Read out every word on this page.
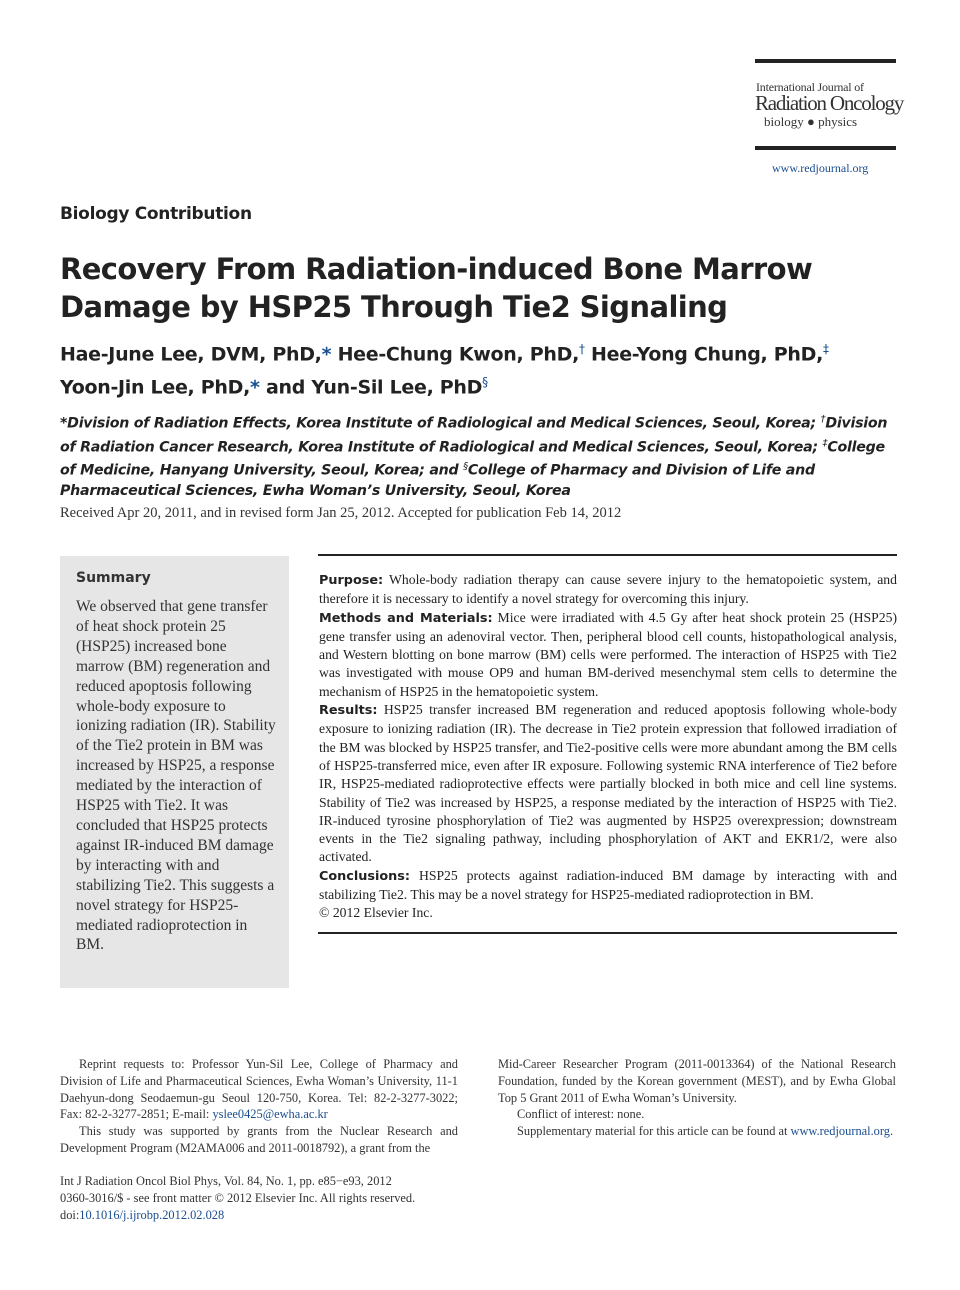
International Journal of
Radiation Oncology
biology ● physics
www.redjournal.org
Biology Contribution
Recovery From Radiation-induced Bone Marrow Damage by HSP25 Through Tie2 Signaling
Hae-June Lee, DVM, PhD,* Hee-Chung Kwon, PhD,† Hee-Yong Chung, PhD,‡
Yoon-Jin Lee, PhD,* and Yun-Sil Lee, PhD§
*Division of Radiation Effects, Korea Institute of Radiological and Medical Sciences, Seoul, Korea; †Division of Radiation Cancer Research, Korea Institute of Radiological and Medical Sciences, Seoul, Korea; ‡College of Medicine, Hanyang University, Seoul, Korea; and §College of Pharmacy and Division of Life and Pharmaceutical Sciences, Ewha Woman’s University, Seoul, Korea
Received Apr 20, 2011, and in revised form Jan 25, 2012. Accepted for publication Feb 14, 2012
Summary
We observed that gene transfer of heat shock protein 25 (HSP25) increased bone marrow (BM) regeneration and reduced apoptosis following whole-body exposure to ionizing radiation (IR). Stability of the Tie2 protein in BM was increased by HSP25, a response mediated by the interaction of HSP25 with Tie2. It was concluded that HSP25 protects against IR-induced BM damage by interacting with and stabilizing Tie2. This suggests a novel strategy for HSP25-mediated radioprotection in BM.

Purpose: Whole-body radiation therapy can cause severe injury to the hematopoietic system, and therefore it is necessary to identify a novel strategy for overcoming this injury.

Methods and Materials: Mice were irradiated with 4.5 Gy after heat shock protein 25 (HSP25) gene transfer using an adenoviral vector. Then, peripheral blood cell counts, histopathological analysis, and Western blotting on bone marrow (BM) cells were performed. The interaction of HSP25 with Tie2 was investigated with mouse OP9 and human BM-derived mesenchymal stem cells to determine the mechanism of HSP25 in the hematopoietic system.

Results: HSP25 transfer increased BM regeneration and reduced apoptosis following whole-body exposure to ionizing radiation (IR). The decrease in Tie2 protein expression that followed irradiation of the BM was blocked by HSP25 transfer, and Tie2-positive cells were more abundant among the BM cells of HSP25-transferred mice, even after IR exposure. Following systemic RNA interference of Tie2 before IR, HSP25-mediated radioprotective effects were partially blocked in both mice and cell line systems. Stability of Tie2 was increased by HSP25, a response mediated by the interaction of HSP25 with Tie2. IR-induced tyrosine phosphorylation of Tie2 was augmented by HSP25 overexpression; downstream events in the Tie2 signaling pathway, including phosphorylation of AKT and EKR1/2, were also activated.

Conclusions: HSP25 protects against radiation-induced BM damage by interacting with and stabilizing Tie2. This may be a novel strategy for HSP25-mediated radioprotection in BM.

© 2012 Elsevier Inc.

Reprint requests to: Professor Yun-Sil Lee, College of Pharmacy and Division of Life and Pharmaceutical Sciences, Ewha Woman’s University, 11-1 Daehyun-dong Seodaemun-gu Seoul 120-750, Korea. Tel: 82-2-3277-3022; Fax: 82-2-3277-2851; E-mail: yslee0425@ewha.ac.kr

This study was supported by grants from the Nuclear Research and Development Program (M2AMA006 and 2011-0018792), a grant from the

Mid-Career Researcher Program (2011-0013364) of the National Research Foundation, funded by the Korean government (MEST), and by Ewha Global Top 5 Grant 2011 of Ewha Woman’s University.

Conflict of interest: none.

Supplementary material for this article can be found at www.redjournal.org.

Int J Radiation Oncol Biol Phys, Vol. 84, No. 1, pp. e85−e93, 2012
0360-3016/$ - see front matter © 2012 Elsevier Inc. All rights reserved.
doi:10.1016/j.ijrobp.2012.02.028
